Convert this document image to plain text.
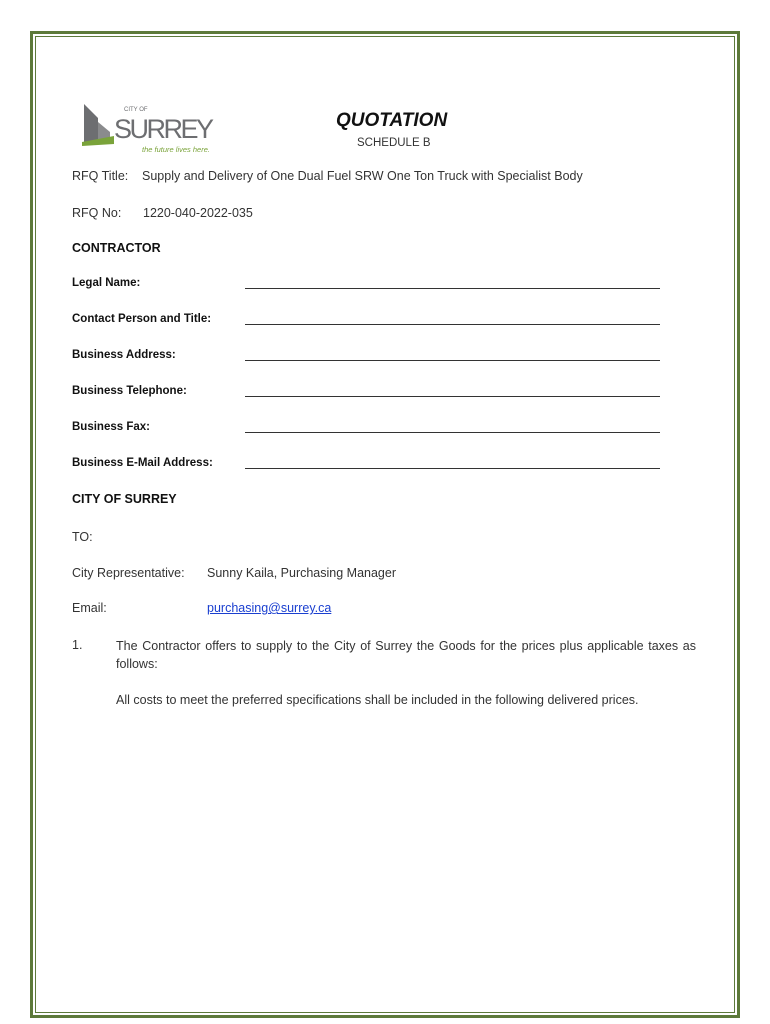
CITY OF
SURREY
the future lives here.
QUOTATION
SCHEDULE B
RFQ Title: Supply and Delivery of One Dual Fuel SRW One Ton Truck with Specialist Body
RFQ No: 1220-040-2022-035
CONTRACTOR
Legal Name:
Contact Person and Title:
Business Address:
Business Telephone:
Business Fax:
Business E-Mail Address:
CITY OF SURREY
TO:
City Representative: Sunny Kaila, Purchasing Manager
Email:	purchasing@surrey.ca
1.	The Contractor offers to supply to the City of Surrey the Goods for the prices plus applicable taxes as follows:
All costs to meet the preferred specifications shall be included in the following delivered prices.
